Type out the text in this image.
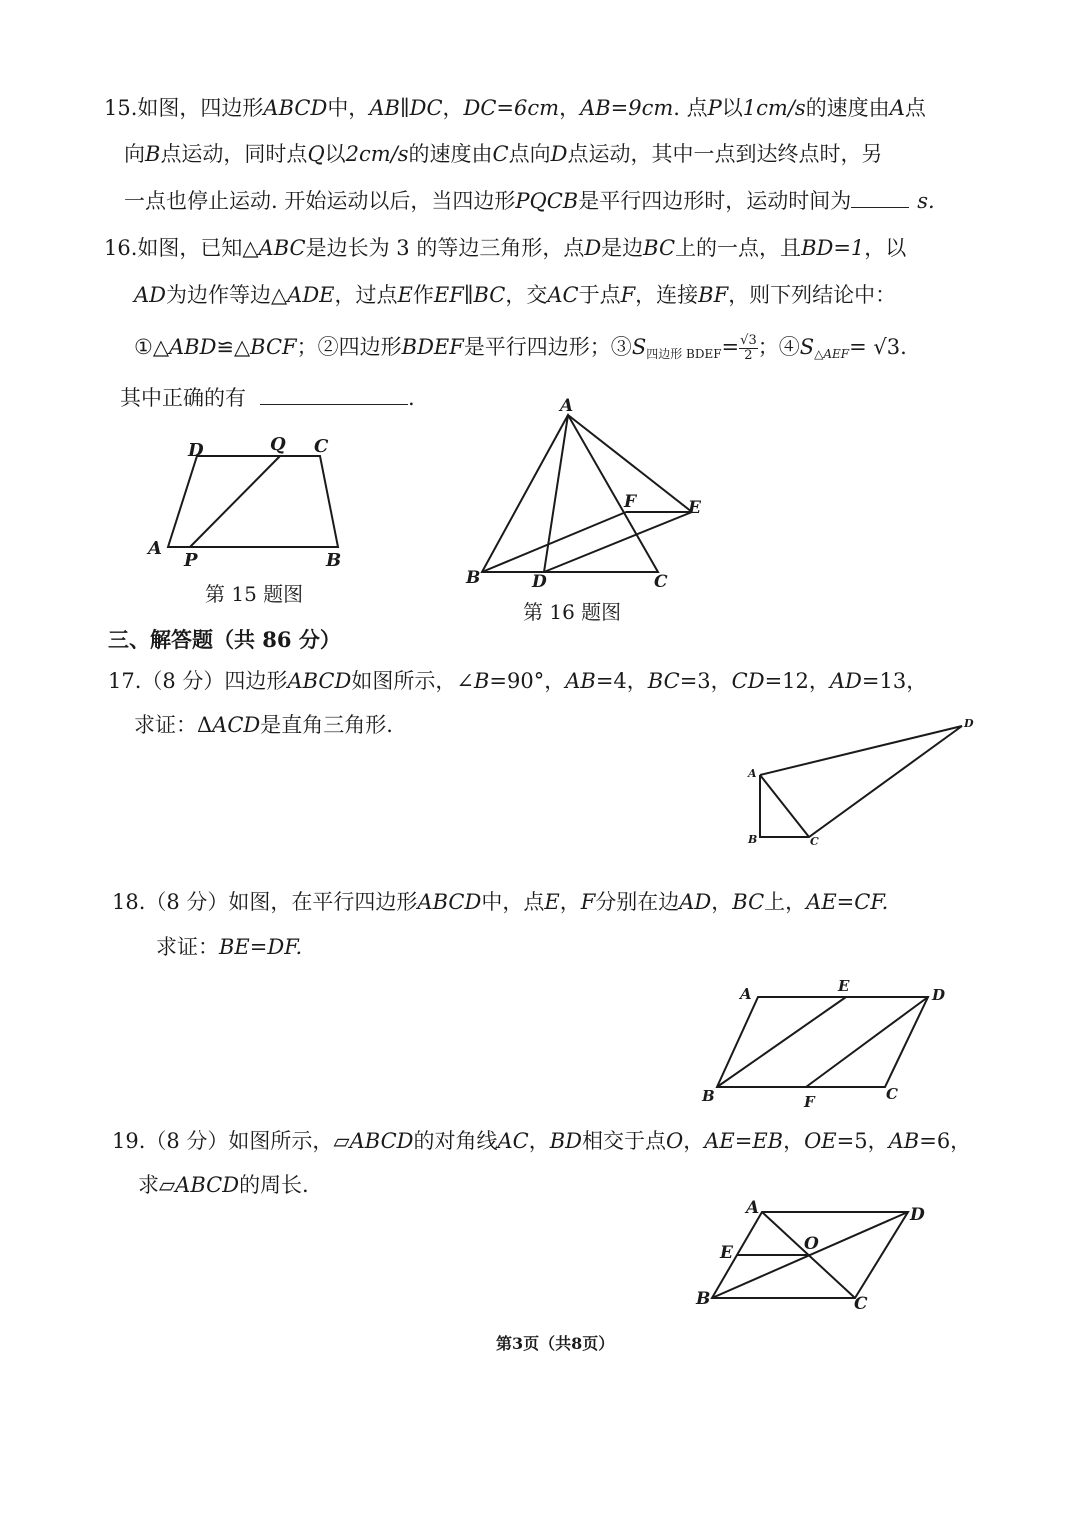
15.如图，四边形ABCD中，AB∥DC，DC=6cm，AB=9cm. 点P以1cm/s的速度由A点
向B点运动，同时点Q以2cm/s的速度由C点向D点运动，其中一点到达终点时，另
一点也停止运动. 开始运动以后，当四边形PQCB是平行四边形时，运动时间为	s.
16.如图，已知△ABC是边长为 3 的等边三角形，点D是边BC上的一点，且BD=1，以
AD为边作等边△ADE，过点E作EF∥BC，交AC于点F，连接BF，则下列结论中：
①△ABD≌△BCF；②四边形BDEF是平行四边形；$③S_{四边形 BDEF}= \frac{√3}{2}$ ；$④S_{\triangle AEF}= √3$.
其中正确的有	.
D	Q C
A
P	B
第 15 题图
A
F	E
B	D	C
第 16 题图
三、解答题（共 86 分）
17.（8 分）四边形ABCD如图所示，∠B=90°，AB=4，BC=3，CD=12，AD=13，
求证：ΔACD是直角三角形.
A
B	C
D
18.（8 分）如图，在平行四边形ABCD中，点E，F分别在边AD，BC上，AE=CF.
求证：BE=DF.
A	E	D
B	F	C
19.（8 分）如图所示，▱ABCD的对角线AC，BD相交于点O，AE=EB，OE=5，AB=6，
求▱ABCD的周长.
A	D
E	O
B	C
第3页（共8页）
